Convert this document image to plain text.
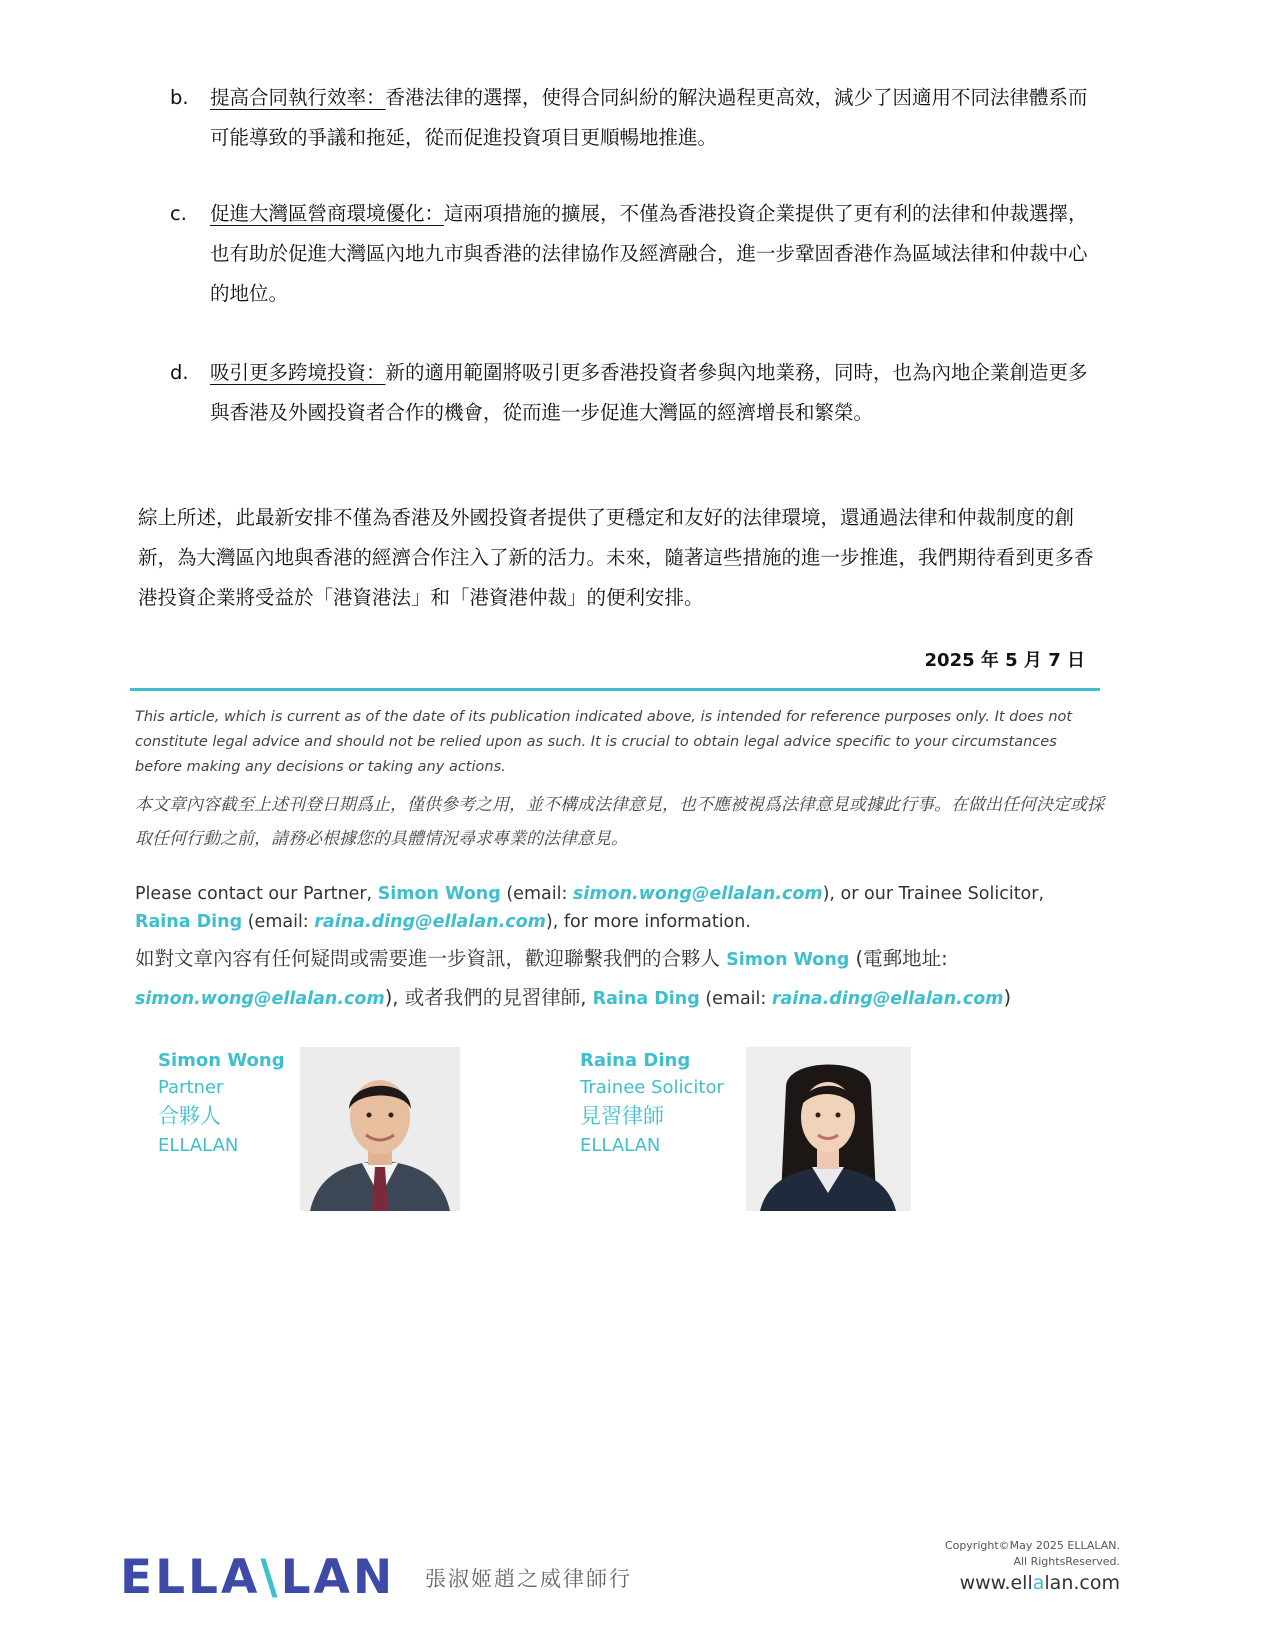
b.	提高合同執行效率：香港法律的選擇，使得合同糾紛的解決過程更高效，減少了因適用不同法律體系而可能導致的爭議和拖延，從而促進投資項目更順暢地推進。
c.	促進大灣區營商環境優化：這兩項措施的擴展，不僅為香港投資企業提供了更有利的法律和仲裁選擇，也有助於促進大灣區內地九市與香港的法律協作及經濟融合，進一步鞏固香港作為區域法律和仲裁中心的地位。
d.	吸引更多跨境投資：新的適用範圍將吸引更多香港投資者參與內地業務，同時，也為內地企業創造更多與香港及外國投資者合作的機會，從而進一步促進大灣區的經濟增長和繁榮。
綜上所述，此最新安排不僅為香港及外國投資者提供了更穩定和友好的法律環境，還通過法律和仲裁制度的創新，為大灣區內地與香港的經濟合作注入了新的活力。未來，隨著這些措施的進一步推進，我們期待看到更多香港投資企業將受益於「港資港法」和「港資港仲裁」的便利安排。
2025 年 5 月 7 日
This article, which is current as of the date of its publication indicated above, is intended for reference purposes only. It does not constitute legal advice and should not be relied upon as such. It is crucial to obtain legal advice specific to your circumstances before making any decisions or taking any actions.
本文章內容截至上述刊登日期爲止，僅供參考之用，並不構成法律意見，也不應被視爲法律意見或據此行事。在做出任何決定或採取任何行動之前，請務必根據您的具體情況尋求專業的法律意見。
Please contact our Partner, Simon Wong (email: simon.wong@ellalan.com), or our Trainee Solicitor, Raina Ding (email: raina.ding@ellalan.com), for more information.
如對文章內容有任何疑問或需要進一步資訊，歡迎聯繫我們的合夥人 Simon Wong (電郵地址: simon.wong@ellalan.com), 或者我們的見習律師, Raina Ding (email: raina.ding@ellalan.com)
Simon Wong
Partner
合夥人
ELLALAN
Raina Ding
Trainee Solicitor
見習律師
ELLALAN
ELLA\LAN 張淑姬趙之威律師行
Copyright©May 2025 ELLALAN.
All RightsReserved.
www.ellalan.com
